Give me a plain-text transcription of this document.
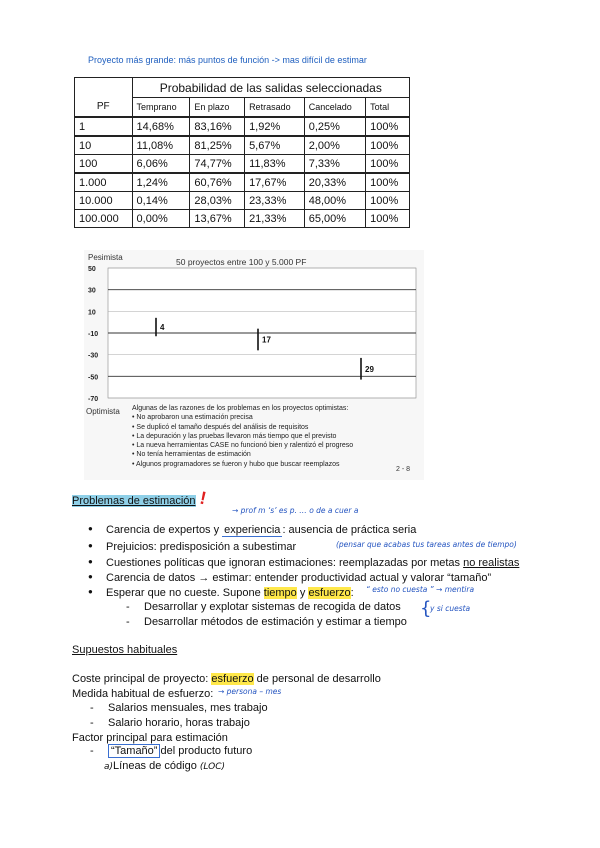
Proyecto más grande: más puntos de función -> mas difícil de estimar
	Probabilidad de las salidas seleccionadas				
PF	Temprano	En plazo	Retrasado	Cancelado	Total
1	14,68%	83,16%	1,92%	0,25%	100%
10	11,08%	81,25%	5,67%	2,00%	100%
100	6,06%	74,77%	11,83%	7,33%	100%
1.000	1,24%	60,76%	17,67%	20,33%	100%
10.000	0,14%	28,03%	23,33%	48,00%	100%
100.000	0,00%	13,67%	21,33%	65,00%	100%
Pesimista	50 proyectos entre 100 y 5.000 PF
Optimista
2 - 8
50
30
10
-10
-30
-50
-70
4
17
29
Algunas de las razones de los problemas en los proyectos optimistas:
• No aprobaron una estimación precisa
• Se duplicó el tamaño después del análisis de requisitos
• La depuración y las pruebas llevaron más tiempo que el previsto
• La nueva herramientas CASE no funcionó bien y ralentizó el progreso
• No tenía herramientas de estimación
• Algunos programadores se fueron y hubo que buscar reemplazos
Problemas de estimación !
→ prof m ‘s’ es p. … o de a cuer a
● Carencia de expertos y experiencia : ausencia de práctica seria
● Prejuicios: predisposición a subestimar	(pensar que acabas tus tareas antes de tiempo)
● Cuestiones políticas que ignoran estimaciones: reemplazadas por metas no realistas
● Carencia de datos → estimar: entender productividad actual y valorar “tamaño”
● Esperar que no cueste. Supone tiempo y esfuerzo: “ esto no cuesta ” → mentira
- Desarrollar y explotar sistemas de recogida de datos
- Desarrollar métodos de estimación y estimar a tiempo
{
y si cuesta
Supuestos habituales
Coste principal de proyecto: esfuerzo de personal de desarrollo
Medida habitual de esfuerzo: → persona – mes
- Salarios mensuales, mes trabajo
- Salario horario, horas trabajo
Factor principal para estimación
- “Tamaño” del producto futuro
a)Líneas de código (LOC)
